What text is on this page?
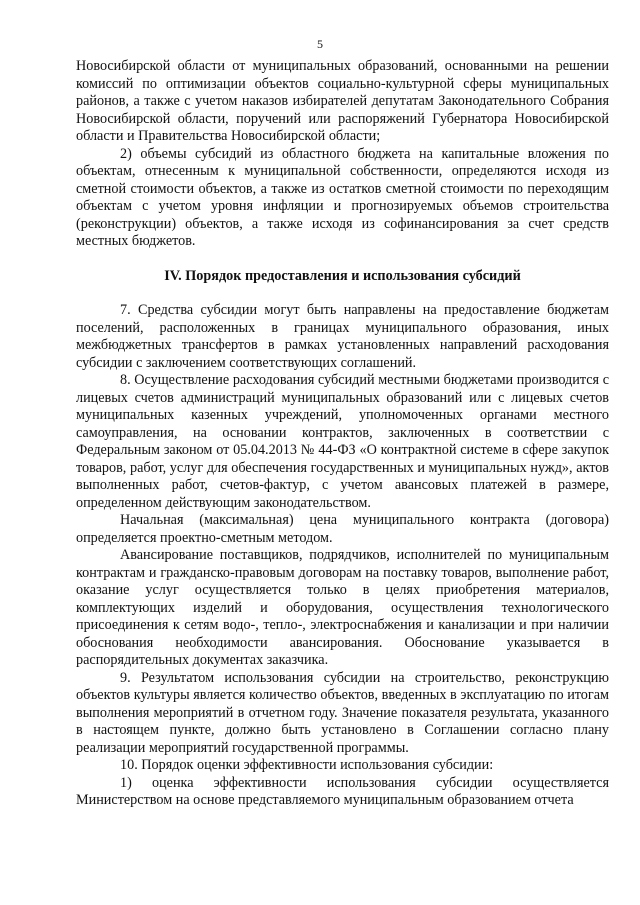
5

Новосибирской области от муниципальных образований, основанными на решении комиссий по оптимизации объектов социально-культурной сферы муниципальных районов, а также с учетом наказов избирателей депутатам Законодательного Собрания Новосибирской области, поручений или распоряжений Губернатора Новосибирской области и Правительства Новосибирской области;

2) объемы субсидий из областного бюджета на капитальные вложения по объектам, отнесенным к муниципальной собственности, определяются исходя из сметной стоимости объектов, а также из остатков сметной стоимости по переходящим объектам с учетом уровня инфляции и прогнозируемых объемов строительства (реконструкции) объектов, а также исходя из софинансирования за счет средств местных бюджетов.

IV. Порядок предоставления и использования субсидий

7. Средства субсидии могут быть направлены на предоставление бюджетам поселений, расположенных в границах муниципального образования, иных межбюджетных трансфертов в рамках установленных направлений расходования субсидии с заключением соответствующих соглашений.

8. Осуществление расходования субсидий местными бюджетами производится с лицевых счетов администраций муниципальных образований или с лицевых счетов муниципальных казенных учреждений, уполномоченных органами местного самоуправления, на основании контрактов, заключенных в соответствии с Федеральным законом от 05.04.2013 № 44-ФЗ «О контрактной системе в сфере закупок товаров, работ, услуг для обеспечения государственных и муниципальных нужд», актов выполненных работ, счетов-фактур, с учетом авансовых платежей в размере, определенном действующим законодательством.

Начальная (максимальная) цена муниципального контракта (договора) определяется проектно-сметным методом.

Авансирование поставщиков, подрядчиков, исполнителей по муниципальным контрактам и гражданско-правовым договорам на поставку товаров, выполнение работ, оказание услуг осуществляется только в целях приобретения материалов, комплектующих изделий и оборудования, осуществления технологического присоединения к сетям водо-, тепло-, электроснабжения и канализации и при наличии обоснования необходимости авансирования. Обоснование указывается в распорядительных документах заказчика.

9. Результатом использования субсидии на строительство, реконструкцию объектов культуры является количество объектов, введенных в эксплуатацию по итогам выполнения мероприятий в отчетном году. Значение показателя результата, указанного в настоящем пункте, должно быть установлено в Соглашении согласно плану реализации мероприятий государственной программы.

10. Порядок оценки эффективности использования субсидии:

1) оценка эффективности использования субсидии осуществляется Министерством на основе представляемого муниципальным образованием отчета
